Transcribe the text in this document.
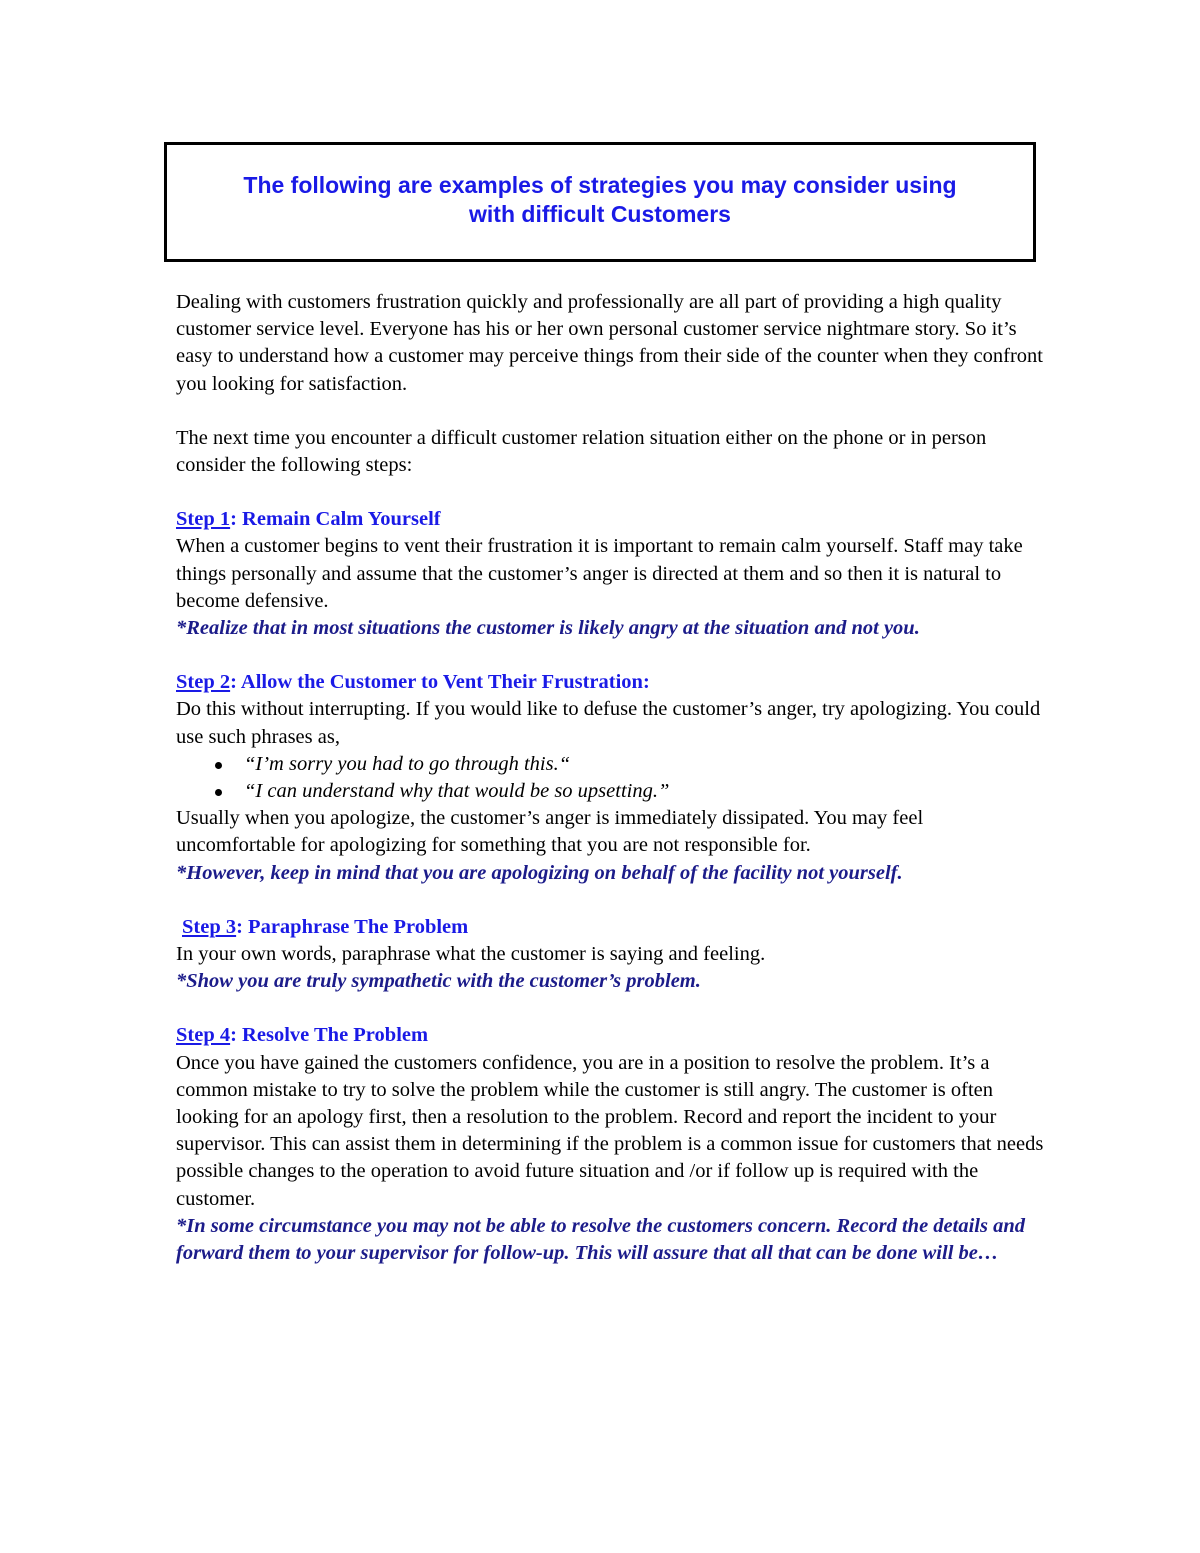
The following are examples of strategies you may consider using
with difficult Customers

Dealing with customers frustration quickly and professionally are all part of providing a high quality customer service level. Everyone has his or her own personal customer service nightmare story. So it’s easy to understand how a customer may perceive things from their side of the counter when they confront you looking for satisfaction.

The next time you encounter a difficult customer relation situation either on the phone or in person consider the following steps:

Step 1: Remain Calm Yourself

When a customer begins to vent their frustration it is important to remain calm yourself. Staff may take things personally and assume that the customer’s anger is directed at them and so then it is natural to become defensive.

*Realize that in most situations the customer is likely angry at the situation and not you.

Step 2: Allow the Customer to Vent Their Frustration:

Do this without interrupting. If you would like to defuse the customer’s anger, try apologizing. You could use such phrases as,

“I’m sorry you had to go through this.“
“I can understand why that would be so upsetting.”

Usually when you apologize, the customer’s anger is immediately dissipated. You may feel uncomfortable for apologizing for something that you are not responsible for.

*However, keep in mind that you are apologizing on behalf of the facility not yourself.

Step 3: Paraphrase The Problem

In your own words, paraphrase what the customer is saying and feeling.

*Show you are truly sympathetic with the customer’s problem.

Step 4: Resolve The Problem

Once you have gained the customers confidence, you are in a position to resolve the problem. It’s a common mistake to try to solve the problem while the customer is still angry. The customer is often looking for an apology first, then a resolution to the problem. Record and report the incident to your supervisor. This can assist them in determining if the problem is a common issue for customers that needs possible changes to the operation to avoid future situation and /or if follow up is required with the customer.

*In some circumstance you may not be able to resolve the customers concern. Record the details and forward them to your supervisor for follow-up. This will assure that all that can be done will be…
